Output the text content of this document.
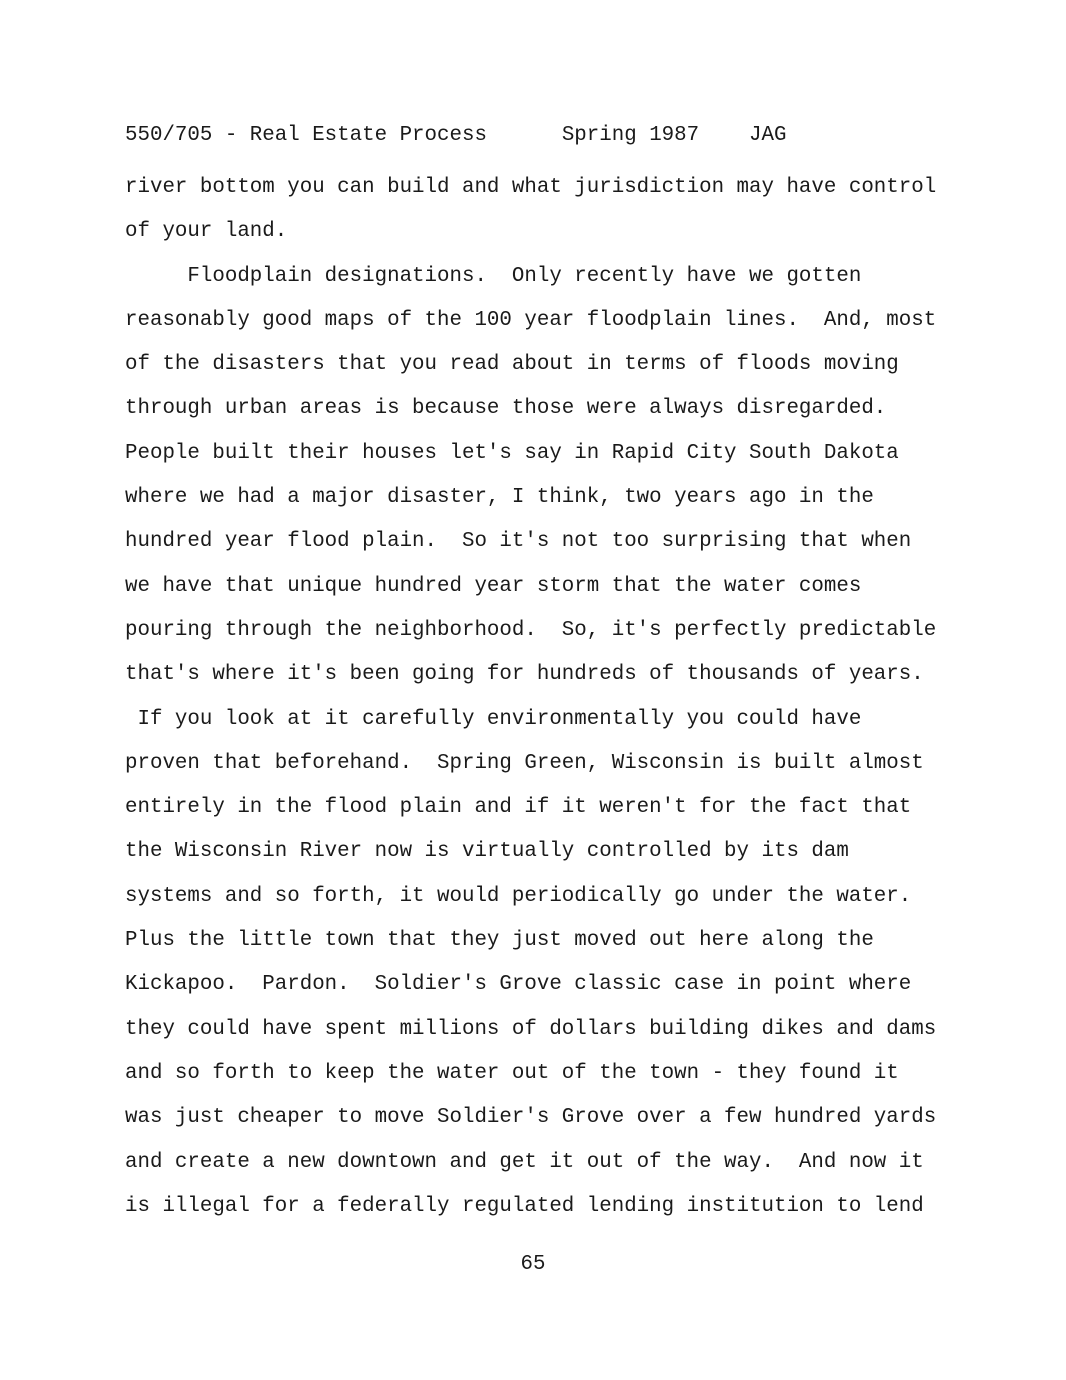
550/705 - Real Estate Process	Spring 1987 JAG
river bottom you can build and what jurisdiction may have control
of your land.
Floodplain designations.  Only recently have we gotten
reasonably good maps of the 100 year floodplain lines.  And, most
of the disasters that you read about in terms of floods moving
through urban areas is because those were always disregarded.
People built their houses let's say in Rapid City South Dakota
where we had a major disaster, I think, two years ago in the
hundred year flood plain.  So it's not too surprising that when
we have that unique hundred year storm that the water comes
pouring through the neighborhood.  So, it's perfectly predictable
that's where it's been going for hundreds of thousands of years.
If you look at it carefully environmentally you could have
proven that beforehand.  Spring Green, Wisconsin is built almost
entirely in the flood plain and if it weren't for the fact that
the Wisconsin River now is virtually controlled by its dam
systems and so forth, it would periodically go under the water.
Plus the little town that they just moved out here along the
Kickapoo.  Pardon.  Soldier's Grove classic case in point where
they could have spent millions of dollars building dikes and dams
and so forth to keep the water out of the town - they found it
was just cheaper to move Soldier's Grove over a few hundred yards
and create a new downtown and get it out of the way.  And now it
is illegal for a federally regulated lending institution to lend
65
